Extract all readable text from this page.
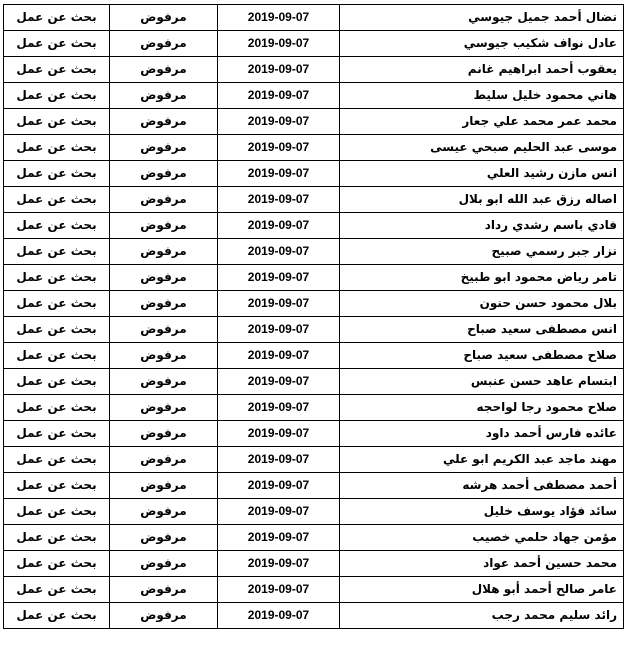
بحث عن عمل	مرفوض	2019-09-07	نضال أحمد جميل جيوسي
بحث عن عمل	مرفوض	2019-09-07	عادل نواف شكيب جيوسي
بحث عن عمل	مرفوض	2019-09-07	يعقوب أحمد ابراهيم غانم
بحث عن عمل	مرفوض	2019-09-07	هاني محمود خليل سليط
بحث عن عمل	مرفوض	2019-09-07	محمد عمر محمد علي جعار
بحث عن عمل	مرفوض	2019-09-07	موسى عبد الحليم صبحي عيسى
بحث عن عمل	مرفوض	2019-09-07	انس مازن رشيد العلي
بحث عن عمل	مرفوض	2019-09-07	اصاله رزق عبد الله ابو بلال
بحث عن عمل	مرفوض	2019-09-07	فادي باسم رشدي رداد
بحث عن عمل	مرفوض	2019-09-07	نزار جبر رسمي صبيح
بحث عن عمل	مرفوض	2019-09-07	تامر رياض محمود ابو طبيخ
بحث عن عمل	مرفوض	2019-09-07	بلال محمود حسن حنون
بحث عن عمل	مرفوض	2019-09-07	انس مصطفى سعيد صباح
بحث عن عمل	مرفوض	2019-09-07	صلاح مصطفى سعيد صباح
بحث عن عمل	مرفوض	2019-09-07	ابتسام عاهد حسن عنبس
بحث عن عمل	مرفوض	2019-09-07	صلاح محمود رجا لواحجه
بحث عن عمل	مرفوض	2019-09-07	عائده فارس أحمد داود
بحث عن عمل	مرفوض	2019-09-07	مهند ماجد عبد الكريم ابو علي
بحث عن عمل	مرفوض	2019-09-07	أحمد مصطفى أحمد هرشه
بحث عن عمل	مرفوض	2019-09-07	سائد فؤاد يوسف خليل
بحث عن عمل	مرفوض	2019-09-07	مؤمن جهاد حلمي خصيب
بحث عن عمل	مرفوض	2019-09-07	محمد حسين أحمد عواد
بحث عن عمل	مرفوض	2019-09-07	عامر صالح أحمد أبو هلال
بحث عن عمل	مرفوض	2019-09-07	رائد سليم محمد رجب
